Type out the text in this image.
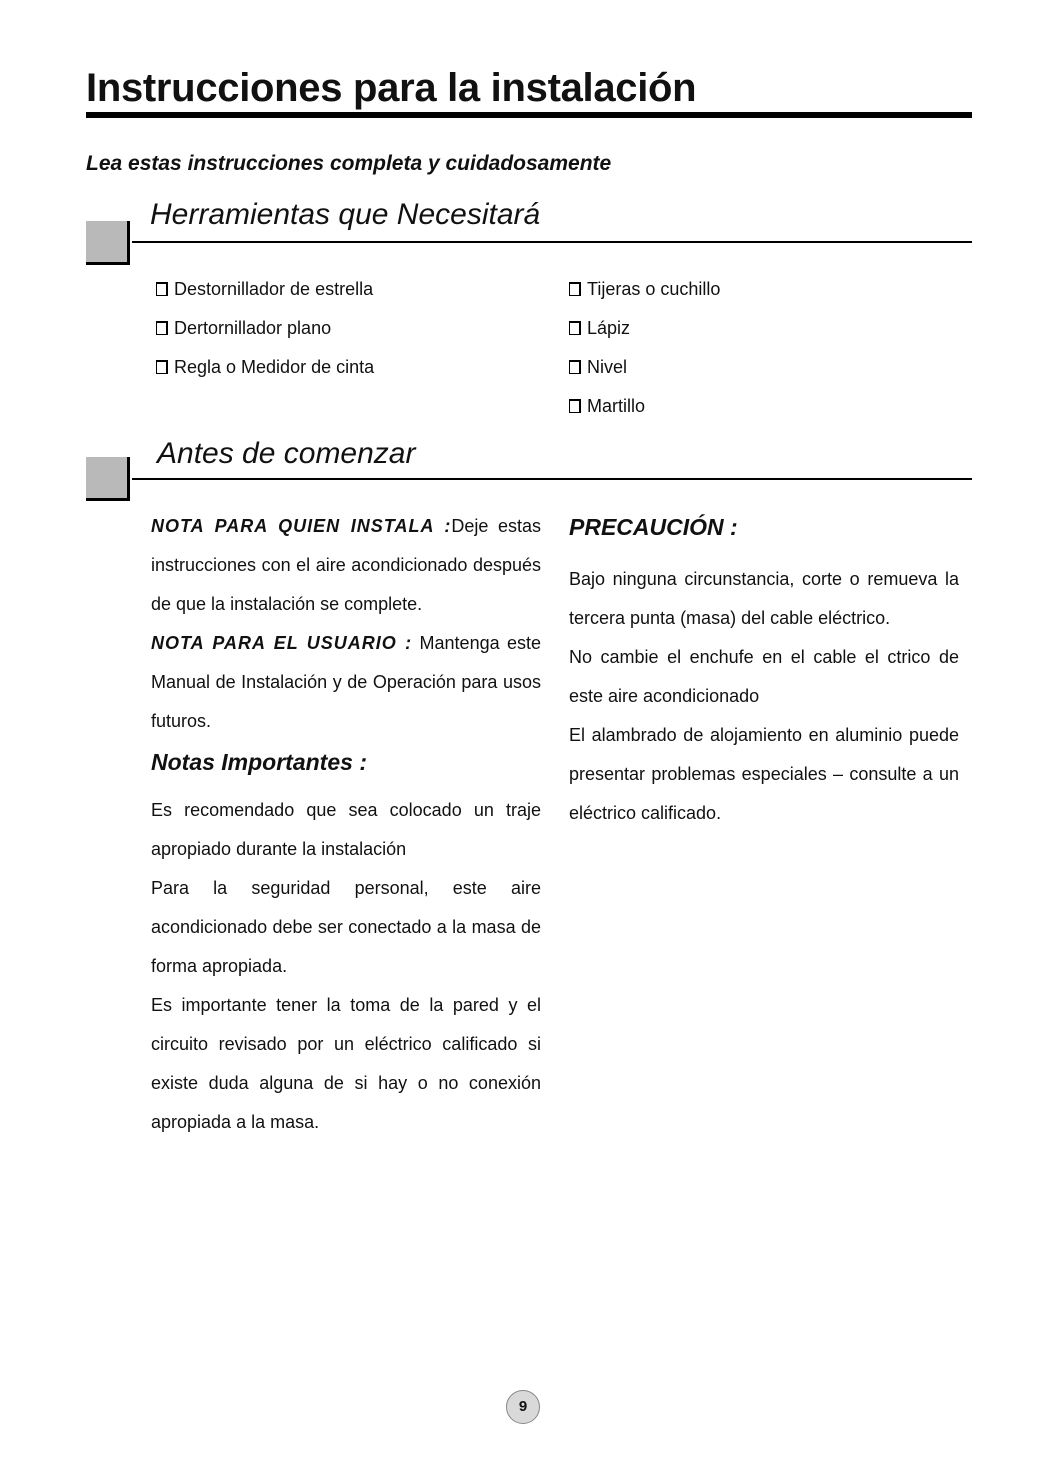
Instrucciones para la instalación
Lea estas instrucciones completa y cuidadosamente
Herramientas que Necesitará
Destornillador de estrella
Dertornillador plano
Regla o Medidor de cinta
Tijeras o cuchillo
Lápiz
Nivel
Martillo
Antes de comenzar
NOTA PARA QUIEN INSTALA :Deje estas instrucciones con el aire acondicionado después de que la instalación se complete.
NOTA PARA EL USUARIO : Mantenga este Manual de Instalación y de Operación para usos futuros.
Notas Importantes :
Es recomendado que sea colocado un traje apropiado durante la instalación
Para la seguridad personal, este aire acondicionado debe ser conectado a la masa de forma apropiada.
Es importante tener la toma de la pared y el circuito revisado por un eléctrico calificado si existe duda alguna de si hay o no conexión apropiada a la masa.
PRECAUCIÓN :
Bajo ninguna circunstancia, corte o remueva la tercera punta (masa) del cable eléctrico.
No cambie el enchufe en el cable el ctrico de este aire acondicionado
El alambrado de alojamiento en aluminio puede presentar problemas especiales – consulte a un eléctrico calificado.
9
